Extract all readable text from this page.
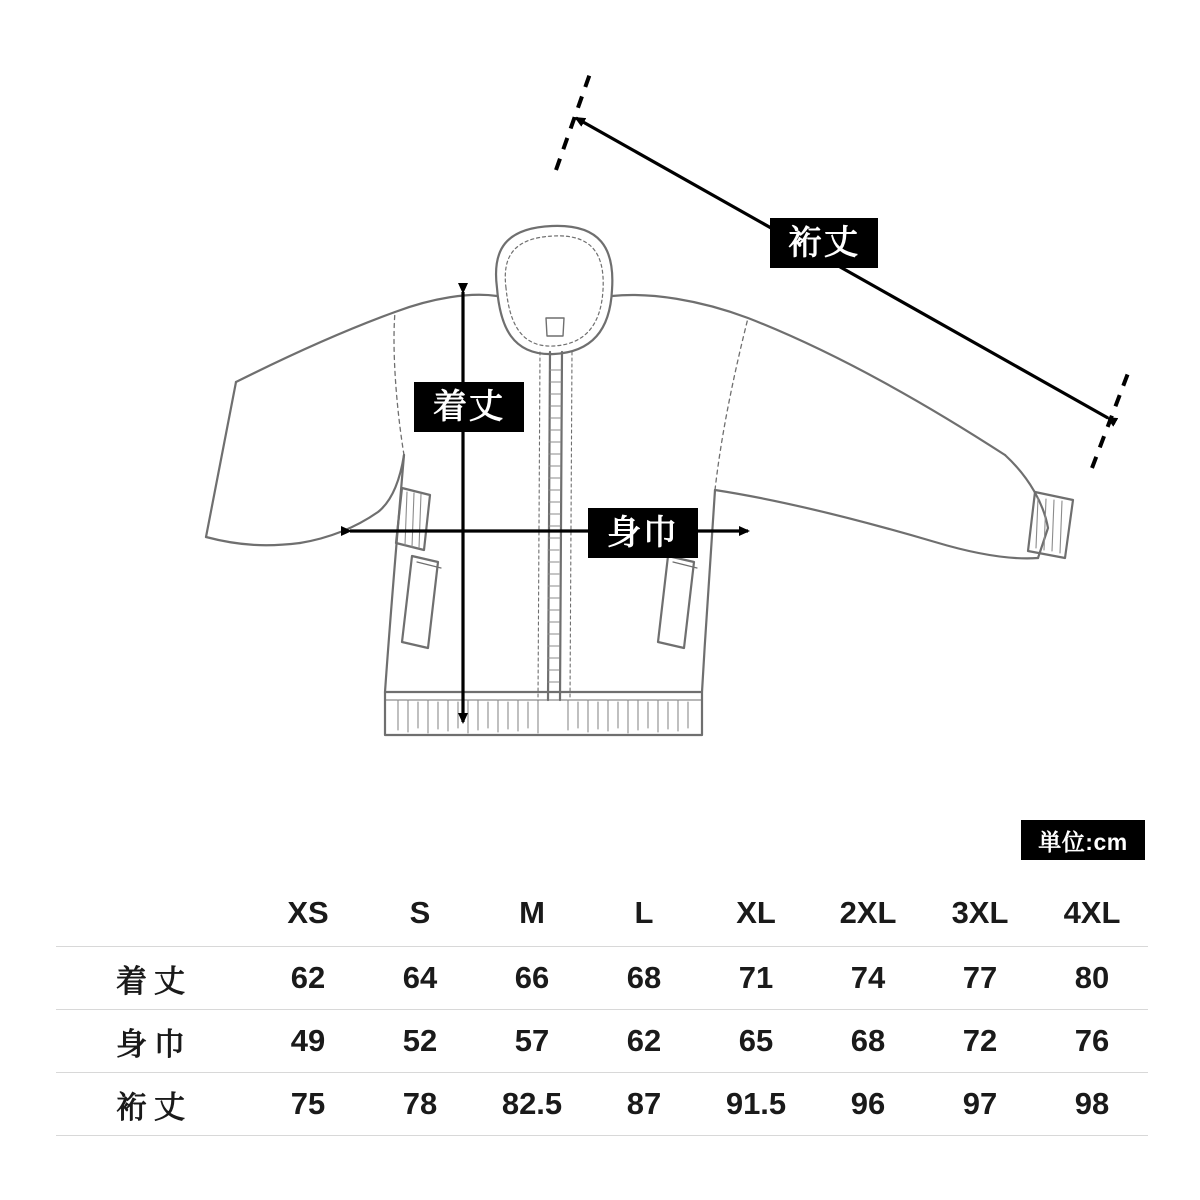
裄丈
着丈
身巾
単位:cm
	XS	S	M	L	XL	2XL	3XL	4XL
着丈	62	64	66	68	71	74	77	80
身巾	49	52	57	62	65	68	72	76
裄丈	75	78	82.5	87	91.5	96	97	98
